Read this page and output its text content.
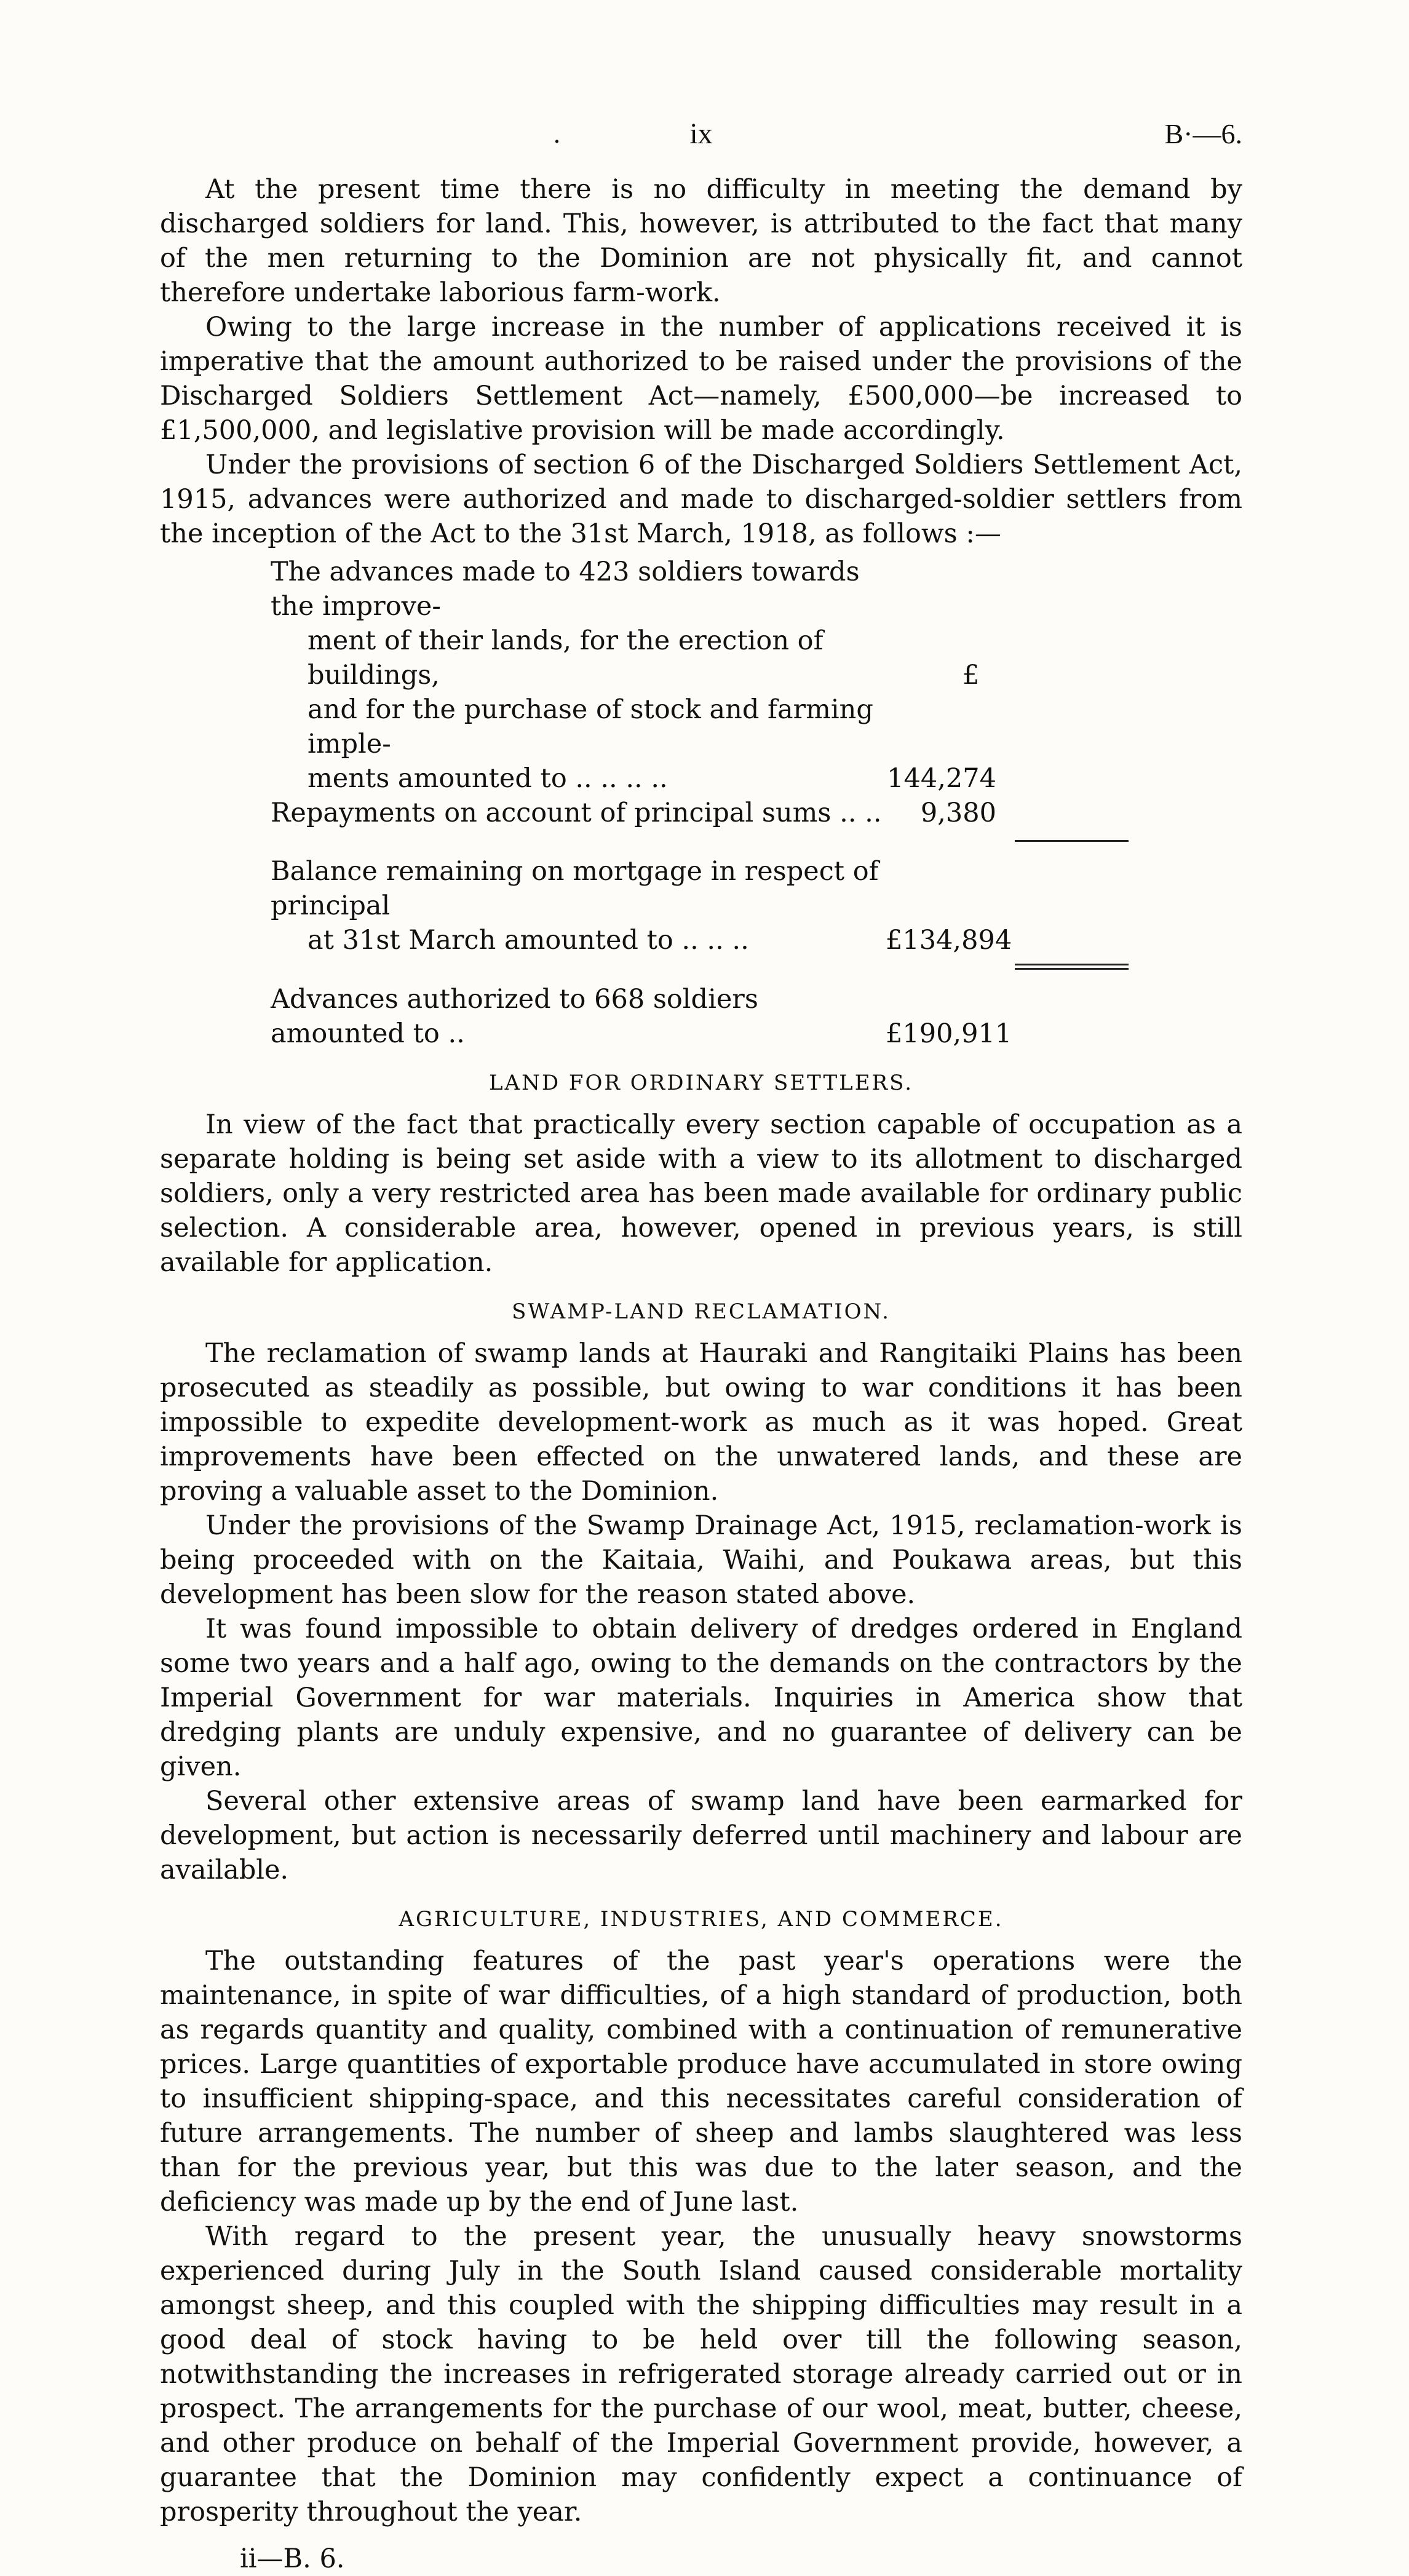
.	ix	B·—6.

At the present time there is no difficulty in meeting the demand by discharged soldiers for land. This, however, is attributed to the fact that many of the men returning to the Dominion are not physically fit, and cannot therefore undertake laborious farm-work.

Owing to the large increase in the number of applications received it is imperative that the amount authorized to be raised under the provisions of the Discharged Soldiers Settlement Act—namely, £500,000—be increased to £1,500,000, and legislative provision will be made accordingly.

Under the provisions of section 6 of the Discharged Soldiers Settlement Act, 1915, advances were authorized and made to discharged-soldier settlers from the inception of the Act to the 31st March, 1918, as follows :—

The advances made to 423 soldiers towards the improve-
ment of their lands, for the erection of buildings,
and for the purchase of stock and farming imple-
ments amounted to .. .. .. ..	144,274
£
Repayments on account of principal sums .. ..	9,380
Balance remaining on mortgage in respect of principal
at 31st March amounted to .. .. ..	£134,894
Advances authorized to 668 soldiers amounted to ..	£190,911
LAND FOR ORDINARY SETTLERS.

In view of the fact that practically every section capable of occupation as a separate holding is being set aside with a view to its allotment to discharged soldiers, only a very restricted area has been made available for ordinary public selection. A considerable area, however, opened in previous years, is still available for application.

SWAMP-LAND RECLAMATION.

The reclamation of swamp lands at Hauraki and Rangitaiki Plains has been prosecuted as steadily as possible, but owing to war conditions it has been impossible to expedite development-work as much as it was hoped. Great improvements have been effected on the unwatered lands, and these are proving a valuable asset to the Dominion.

Under the provisions of the Swamp Drainage Act, 1915, reclamation-work is being proceeded with on the Kaitaia, Waihi, and Poukawa areas, but this development has been slow for the reason stated above.

It was found impossible to obtain delivery of dredges ordered in England some two years and a half ago, owing to the demands on the contractors by the Imperial Government for war materials. Inquiries in America show that dredging plants are unduly expensive, and no guarantee of delivery can be given.

Several other extensive areas of swamp land have been earmarked for development, but action is necessarily deferred until machinery and labour are available.

AGRICULTURE, INDUSTRIES, AND COMMERCE.

The outstanding features of the past year's operations were the maintenance, in spite of war difficulties, of a high standard of production, both as regards quantity and quality, combined with a continuation of remunerative prices. Large quantities of exportable produce have accumulated in store owing to insufficient shipping-space, and this necessitates careful consideration of future arrangements. The number of sheep and lambs slaughtered was less than for the previous year, but this was due to the later season, and the deficiency was made up by the end of June last.

With regard to the present year, the unusually heavy snowstorms experienced during July in the South Island caused considerable mortality amongst sheep, and this coupled with the shipping difficulties may result in a good deal of stock having to be held over till the following season, notwithstanding the increases in refrigerated storage already carried out or in prospect. The arrangements for the purchase of our wool, meat, butter, cheese, and other produce on behalf of the Imperial Government provide, however, a guarantee that the Dominion may confidently expect a continuance of prosperity throughout the year.

ii—B. 6.
